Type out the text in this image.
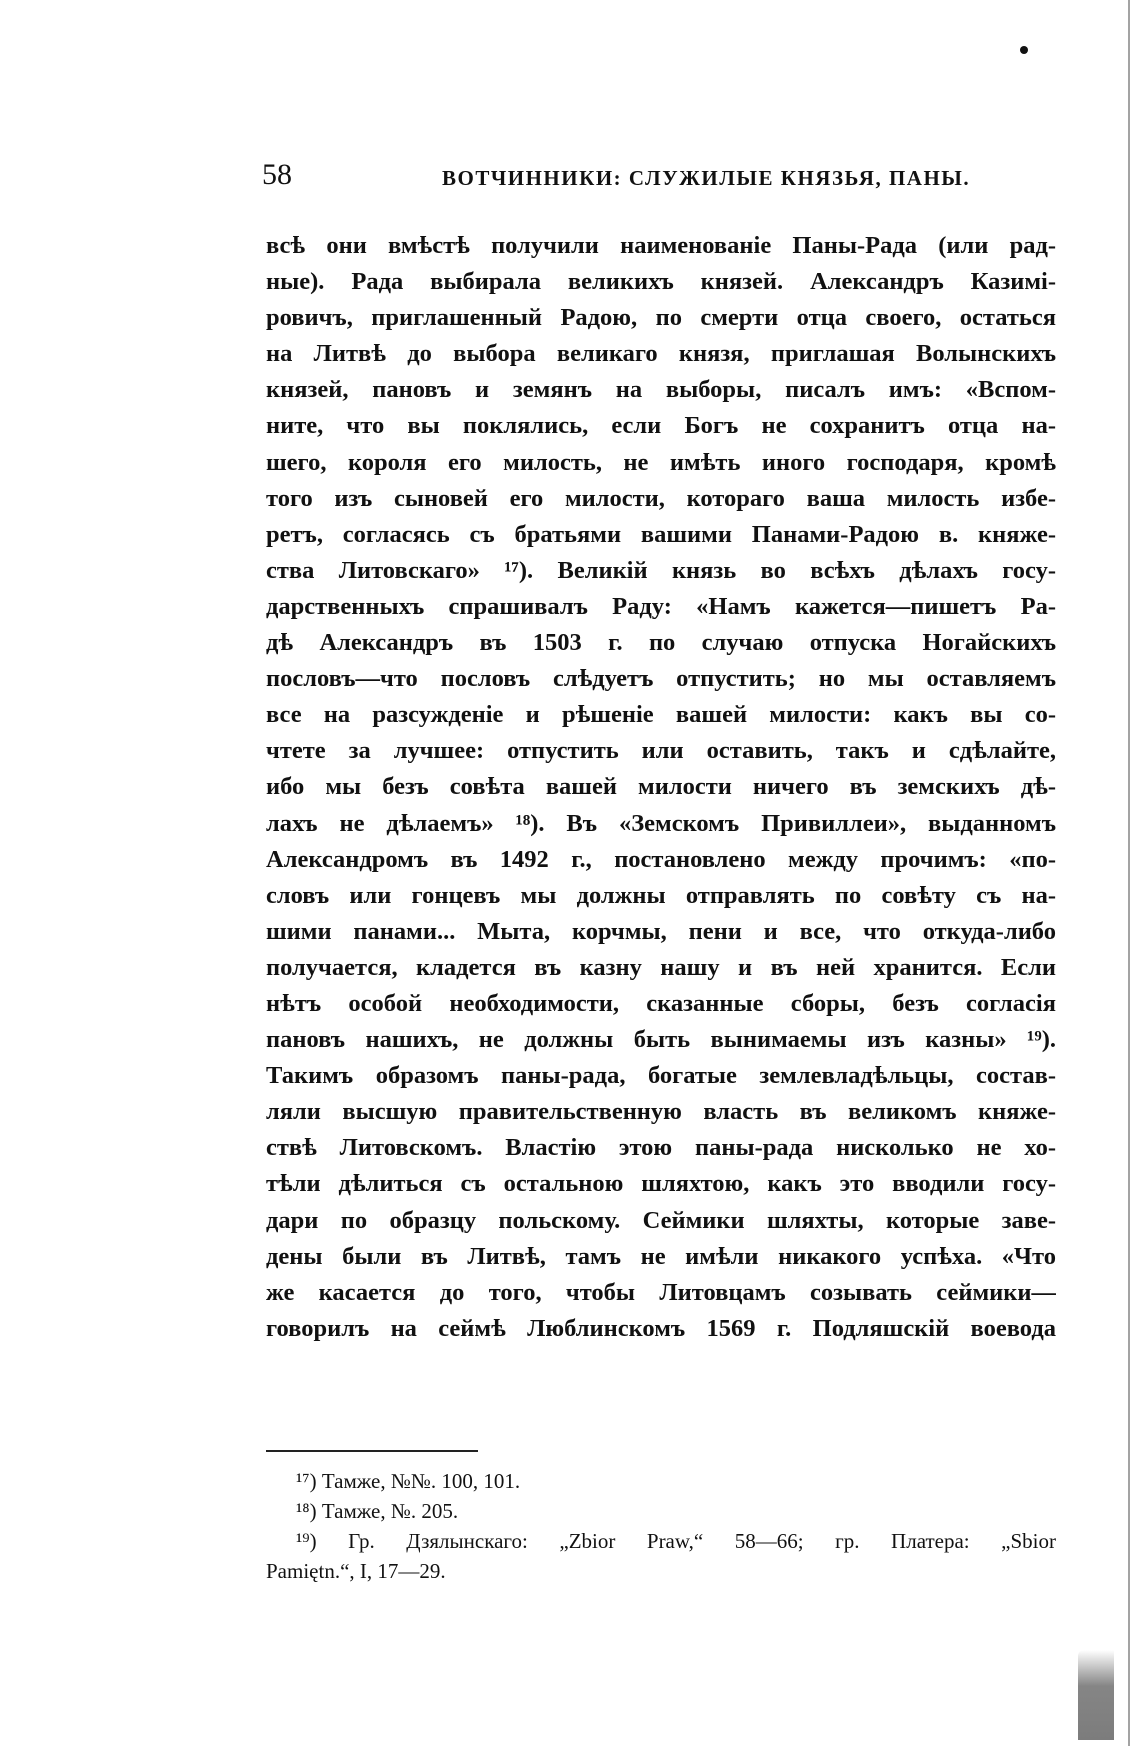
58	ВОТЧИННИКИ: СЛУЖИЛЫЕ КНЯЗЬЯ, ПАНЫ.
всѣ они вмѣстѣ получили наименованіе Паны-Рада (или рад-
ные). Рада выбирала великихъ князей. Александръ Казимі-
ровичъ, приглашенный Радою, по смерти отца своего, остаться
на Литвѣ до выбора великаго князя, приглашая Волынскихъ
князей, пановъ и земянъ на выборы, писалъ имъ: «Вспом-
ните, что вы поклялись, если Богъ не сохранитъ отца на-
шего, короля его милость, не имѣть иного господаря, кромѣ
того изъ сыновей его милости, котораго ваша милость избе-
ретъ, согласясь съ братьями вашими Панами-Радою в. княже-
ства Литовскаго» ¹⁷). Великій князь во всѣхъ дѣлахъ госу-
дарственныхъ спрашивалъ Раду: «Намъ кажется—пишетъ Ра-
дѣ Александръ въ 1503 г. по случаю отпуска Ногайскихъ
пословъ—что пословъ слѣдуетъ отпустить; но мы оставляемъ
все на разсужденіе и рѣшеніе вашей милости: какъ вы со-
чтете за лучшее: отпустить или оставить, такъ и сдѣлайте,
ибо мы безъ совѣта вашей милости ничего въ земскихъ дѣ-
лахъ не дѣлаемъ» ¹⁸). Въ «Земскомъ Привиллеи», выданномъ
Александромъ въ 1492 г., постановлено между прочимъ: «по-
словъ или гонцевъ мы должны отправлять по совѣту съ на-
шими панами... Мыта, корчмы, пени и все, что откуда-либо
получается, кладется въ казну нашу и въ ней хранится. Если
нѣтъ особой необходимости, сказанные сборы, безъ согласія
пановъ нашихъ, не должны быть вынимаемы изъ казны» ¹⁹).
Такимъ образомъ паны-рада, богатые землевладѣльцы, состав-
ляли высшую правительственную власть въ великомъ княже-
ствѣ Литовскомъ. Властію этою паны-рада нисколько не хо-
тѣли дѣлиться съ остальною шляхтою, какъ это вводили госу-
дари по образцу польскому. Сеймики шляхты, которые заве-
дены были въ Литвѣ, тамъ не имѣли никакого успѣха. «Что
же касается до того, чтобы Литовцамъ созывать сеймики—
говорилъ на сеймѣ Люблинскомъ 1569 г. Подляшскій воевода
¹⁷) Тамже, №№. 100, 101.
¹⁸) Тамже, №. 205.
¹⁹) Гр. Дзялынскаго: „Zbior Praw,“ 58—66; гр. Платера: „Sbior
Pamiętn.“, I, 17—29.
